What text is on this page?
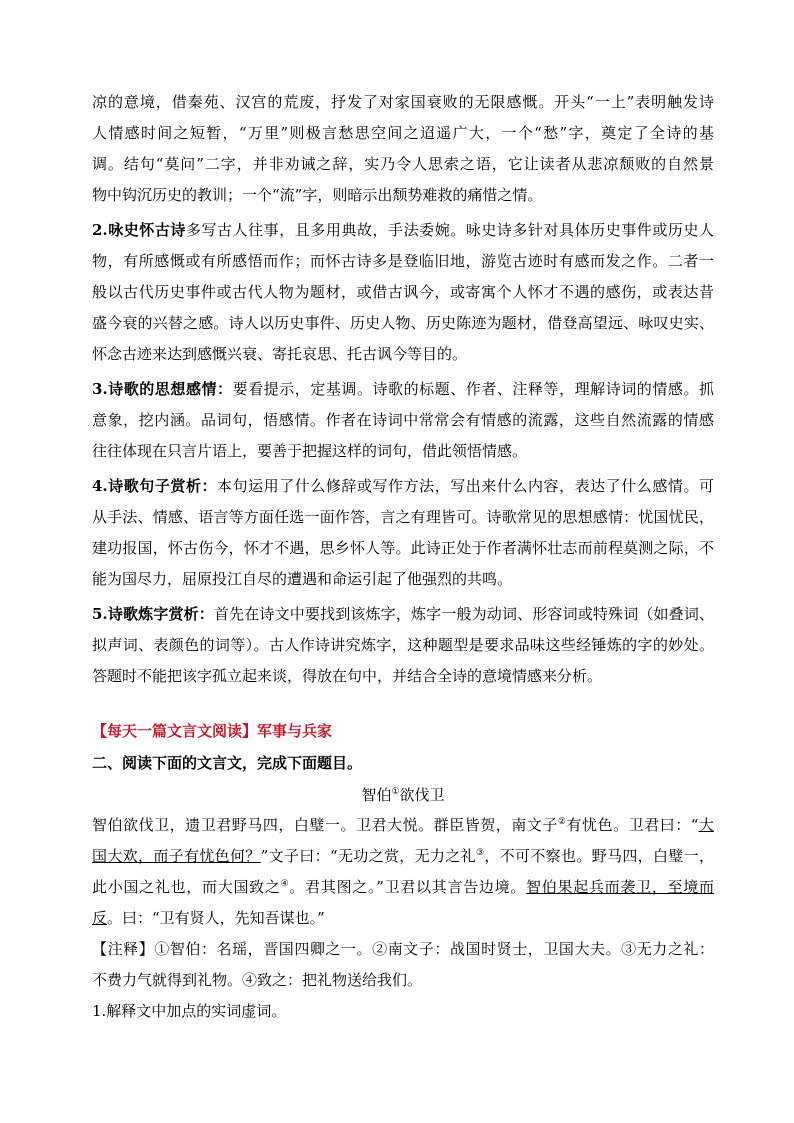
凉的意境，借秦苑、汉宫的荒废，抒发了对家国衰败的无限感慨。开头“一上”表明触发诗
人情感时间之短暂，“万里”则极言愁思空间之迢遥广大，一个“愁”字，奠定了全诗的基
调。结句“莫问”二字，并非劝诫之辞，实乃令人思索之语，它让读者从悲凉颓败的自然景
物中钩沉历史的教训；一个“流”字，则暗示出颓势难救的痛惜之情。
2.咏史怀古诗多写古人往事，且多用典故，手法委婉。咏史诗多针对具体历史事件或历史人
物，有所感慨或有所感悟而作；而怀古诗多是登临旧地，游览古迹时有感而发之作。二者一
般以古代历史事件或古代人物为题材，或借古讽今，或寄寓个人怀才不遇的感伤，或表达昔
盛今衰的兴替之感。诗人以历史事件、历史人物、历史陈迹为题材，借登高望远、咏叹史实、
怀念古迹来达到感慨兴衰、寄托哀思、托古讽今等目的。
3.诗歌的思想感情：要看提示，定基调。诗歌的标题、作者、注释等，理解诗词的情感。抓
意象，挖内涵。品词句，悟感情。作者在诗词中常常会有情感的流露，这些自然流露的情感
往往体现在只言片语上，要善于把握这样的词句，借此领悟情感。
4.诗歌句子赏析：本句运用了什么修辞或写作方法，写出来什么内容，表达了什么感情。可
从手法、情感、语言等方面任选一面作答，言之有理皆可。诗歌常见的思想感情：忧国忧民，
建功报国，怀古伤今，怀才不遇，思乡怀人等。此诗正处于作者满怀壮志而前程莫测之际，不
能为国尽力，屈原投江自尽的遭遇和命运引起了他强烈的共鸣。
5.诗歌炼字赏析：首先在诗文中要找到该炼字，炼字一般为动词、形容词或特殊词（如叠词、
拟声词、表颜色的词等）。古人作诗讲究炼字，这种题型是要求品味这些经锤炼的字的妙处。
答题时不能把该字孤立起来谈，得放在句中，并结合全诗的意境情感来分析。
【每天一篇文言文阅读】军事与兵家
二、阅读下面的文言文，完成下面题目。
智伯①欲伐卫
智伯欲伐卫，遗卫君野马四，白璧一。卫君大悦。群臣皆贺，南文子②有忧色。卫君曰：“大
国大欢，而子有忧色何？”文子曰：“无功之赏，无力之礼③，不可不察也。野马四，白璧一，
此小国之礼也，而大国致之④。君其图之。”卫君以其言告边境。智伯果起兵而袭卫，至境而
反。曰：“卫有贤人，先知吾谋也。”
【注释】①智伯：名瑶，晋国四卿之一。②南文子：战国时贤士，卫国大夫。③无力之礼：
不费力气就得到礼物。④致之：把礼物送给我们。
1.解释文中加点的实词虚词。
